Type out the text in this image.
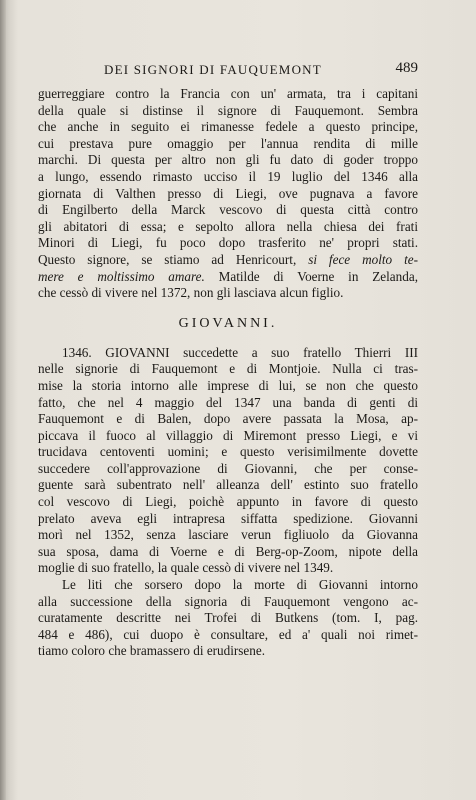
DEI SIGNORI DI FAUQUEMONT	489

guerreggiare contro la Francia con un' armata, tra i capitani
della quale si distinse il signore di Fauquemont. Sembra
che anche in seguito ei rimanesse fedele a questo principe,
cui prestava pure omaggio per l'annua rendita di mille
marchi. Di questa per altro non gli fu dato di goder troppo
a lungo, essendo rimasto ucciso il 19 luglio del 1346 alla
giornata di Valthen presso di Liegi, ove pugnava a favore
di Engilberto della Marck vescovo di questa città contro
gli abitatori di essa; e sepolto allora nella chiesa dei frati
Minori di Liegi, fu poco dopo trasferito ne' propri stati.
Questo signore, se stiamo ad Henricourt, si fece molto te-
mere e moltissimo amare. Matilde di Voerne in Zelanda,
che cessò di vivere nel 1372, non gli lasciava alcun figlio.

GIOVANNI.

1346. GIOVANNI succedette a suo fratello Thierri III
nelle signorie di Fauquemont e di Montjoie. Nulla ci tras-
mise la storia intorno alle imprese di lui, se non che questo
fatto, che nel 4 maggio del 1347 una banda di genti di
Fauquemont e di Balen, dopo avere passata la Mosa, ap-
piccava il fuoco al villaggio di Miremont presso Liegi, e vi
trucidava centoventi uomini; e questo verisimilmente dovette
succedere coll'approvazione di Giovanni, che per conse-
guente sarà subentrato nell' alleanza dell' estinto suo fratello
col vescovo di Liegi, poichè appunto in favore di questo
prelato aveva egli intrapresa siffatta spedizione. Giovanni
morì nel 1352, senza lasciare verun figliuolo da Giovanna
sua sposa, dama di Voerne e di Berg-op-Zoom, nipote della
moglie di suo fratello, la quale cessò di vivere nel 1349.

Le liti che sorsero dopo la morte di Giovanni intorno
alla successione della signoria di Fauquemont vengono ac-
curatamente descritte nei Trofei di Butkens (tom. I, pag.
484 e 486), cui duopo è consultare, ed a' quali noi rimet-
tiamo coloro che bramassero di erudirsene.
